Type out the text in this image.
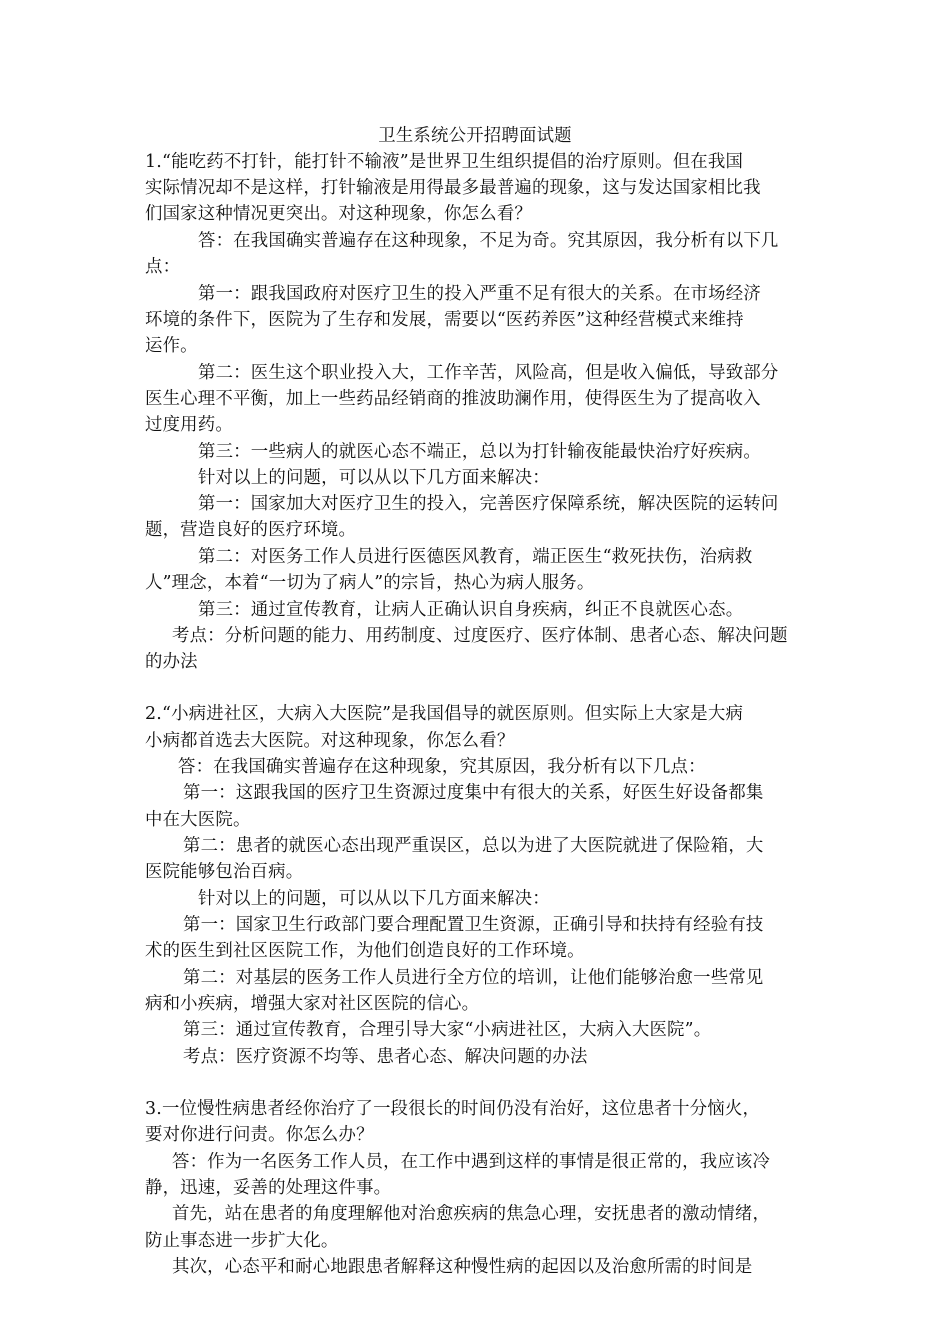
卫生系统公开招聘面试题
1.“能吃药不打针，能打针不输液”是世界卫生组织提倡的治疗原则。但在我国
实际情况却不是这样，打针输液是用得最多最普遍的现象，这与发达国家相比我
们国家这种情况更突出。对这种现象，你怎么看？
答：在我国确实普遍存在这种现象，不足为奇。究其原因，我分析有以下几
点：
第一：跟我国政府对医疗卫生的投入严重不足有很大的关系。在市场经济
环境的条件下，医院为了生存和发展，需要以“医药养医”这种经营模式来维持
运作。
第二：医生这个职业投入大，工作辛苦，风险高，但是收入偏低，导致部分
医生心理不平衡，加上一些药品经销商的推波助澜作用，使得医生为了提高收入
过度用药。
第三：一些病人的就医心态不端正，总以为打针输夜能最快治疗好疾病。
针对以上的问题，可以从以下几方面来解决：
第一：国家加大对医疗卫生的投入，完善医疗保障系统，解决医院的运转问
题，营造良好的医疗环境。
第二：对医务工作人员进行医德医风教育，端正医生“救死扶伤，治病救
人”理念，本着“一切为了病人”的宗旨，热心为病人服务。
第三：通过宣传教育，让病人正确认识自身疾病，纠正不良就医心态。
考点：分析问题的能力、用药制度、过度医疗、医疗体制、患者心态、解决问题
的办法
2.“小病进社区，大病入大医院”是我国倡导的就医原则。但实际上大家是大病
小病都首选去大医院。对这种现象，你怎么看？
答：在我国确实普遍存在这种现象，究其原因，我分析有以下几点：
第一：这跟我国的医疗卫生资源过度集中有很大的关系，好医生好设备都集
中在大医院。
第二：患者的就医心态出现严重误区，总以为进了大医院就进了保险箱，大
医院能够包治百病。
针对以上的问题，可以从以下几方面来解决：
第一：国家卫生行政部门要合理配置卫生资源，正确引导和扶持有经验有技
术的医生到社区医院工作，为他们创造良好的工作环境。
第二：对基层的医务工作人员进行全方位的培训，让他们能够治愈一些常见
病和小疾病，增强大家对社区医院的信心。
第三：通过宣传教育，合理引导大家“小病进社区，大病入大医院”。
考点：医疗资源不均等、患者心态、解决问题的办法
3.一位慢性病患者经你治疗了一段很长的时间仍没有治好，这位患者十分恼火，
要对你进行问责。你怎么办？
答：作为一名医务工作人员，在工作中遇到这样的事情是很正常的，我应该冷
静，迅速，妥善的处理这件事。
首先，站在患者的角度理解他对治愈疾病的焦急心理，安抚患者的激动情绪，
防止事态进一步扩大化。
其次，心态平和耐心地跟患者解释这种慢性病的起因以及治愈所需的时间是
